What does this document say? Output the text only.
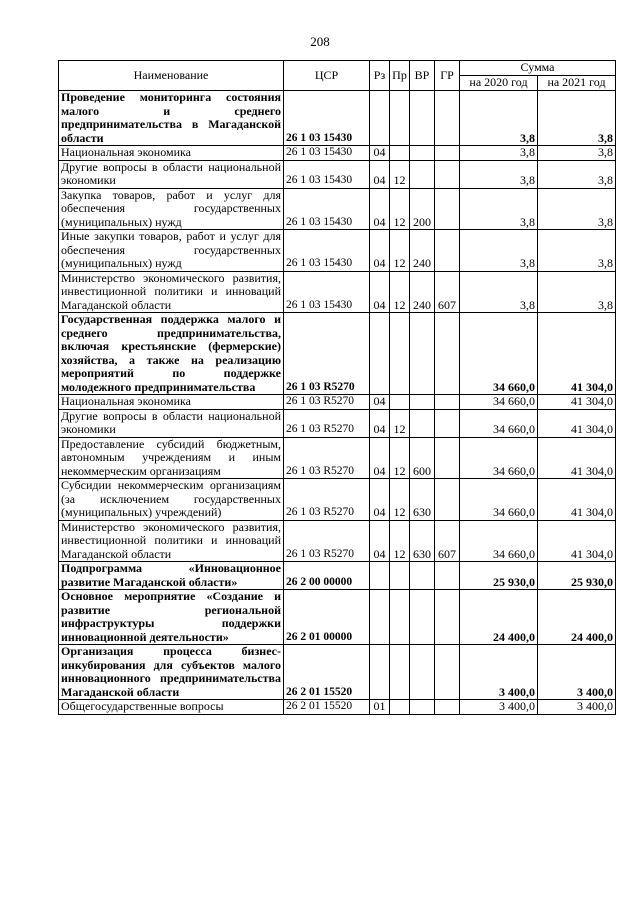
208
Наименование	ЦСР	Рз	Пр	ВР	ГР	Сумма	
						на 2020 год	на 2021 год
Проведение мониторинга состояния малого и среднего предпринимательства в Магаданской области	26 1 03 15430					3,8	3,8
Национальная экономика	26 1 03 15430	04				3,8	3,8
Другие вопросы в области национальной экономики	26 1 03 15430	04	12			3,8	3,8
Закупка товаров, работ и услуг для обеспечения государственных (муниципальных) нужд	26 1 03 15430	04	12	200		3,8	3,8
Иные закупки товаров, работ и услуг для обеспечения государственных (муниципальных) нужд	26 1 03 15430	04	12	240		3,8	3,8
Министерство экономического развития, инвестиционной политики и инноваций Магаданской области	26 1 03 15430	04	12	240	607	3,8	3,8
Государственная поддержка малого и среднего предпринимательства, включая крестьянские (фермерские) хозяйства, а также на реализацию мероприятий по поддержке молодежного предпринимательства	26 1 03 R5270					34 660,0	41 304,0
Национальная экономика	26 1 03 R5270	04				34 660,0	41 304,0
Другие вопросы в области национальной экономики	26 1 03 R5270	04	12			34 660,0	41 304,0
Предоставление субсидий бюджетным, автономным учреждениям и иным некоммерческим организациям	26 1 03 R5270	04	12	600		34 660,0	41 304,0
Субсидии некоммерческим организациям (за исключением государственных (муниципальных) учреждений)	26 1 03 R5270	04	12	630		34 660,0	41 304,0
Министерство экономического развития, инвестиционной политики и инноваций Магаданской области	26 1 03 R5270	04	12	630	607	34 660,0	41 304,0
Подпрограмма «Инновационное развитие Магаданской области»	26 2 00 00000					25 930,0	25 930,0
Основное мероприятие «Создание и развитие региональной инфраструктуры поддержки инновационной деятельности»	26 2 01 00000					24 400,0	24 400,0
Организация процесса бизнес-инкубирования для субъектов малого инновационного предпринимательства Магаданской области	26 2 01 15520					3 400,0	3 400,0
Общегосударственные вопросы	26 2 01 15520	01				3 400,0	3 400,0
